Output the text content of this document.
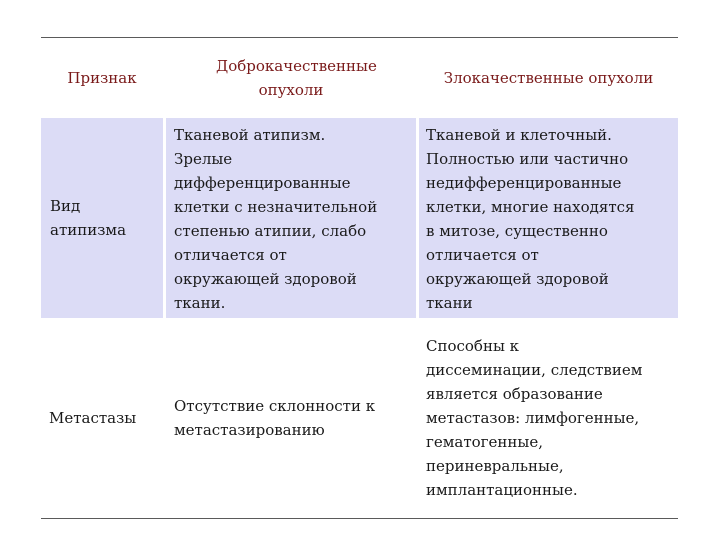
Признак
Доброкачественные опухоли
Злокачественные опухоли
Вид атипизма
Тканевой атипизм.
Зрелые
дифференцированные
клетки с незначительной
степенью атипии, слабо
отличается от
окружающей здоровой
ткани.
Тканевой и клеточный.
Полностью или частично
недифференцированные
клетки, многие находятся
в митозе, существенно
отличается от
окружающей здоровой
ткани
Метастазы
Отсутствие склонности к
метастазированию
Способны к
диссеминации, следствием
является образование
метастазов: лимфогенные,
гематогенные,
периневральные,
имплантационные.
